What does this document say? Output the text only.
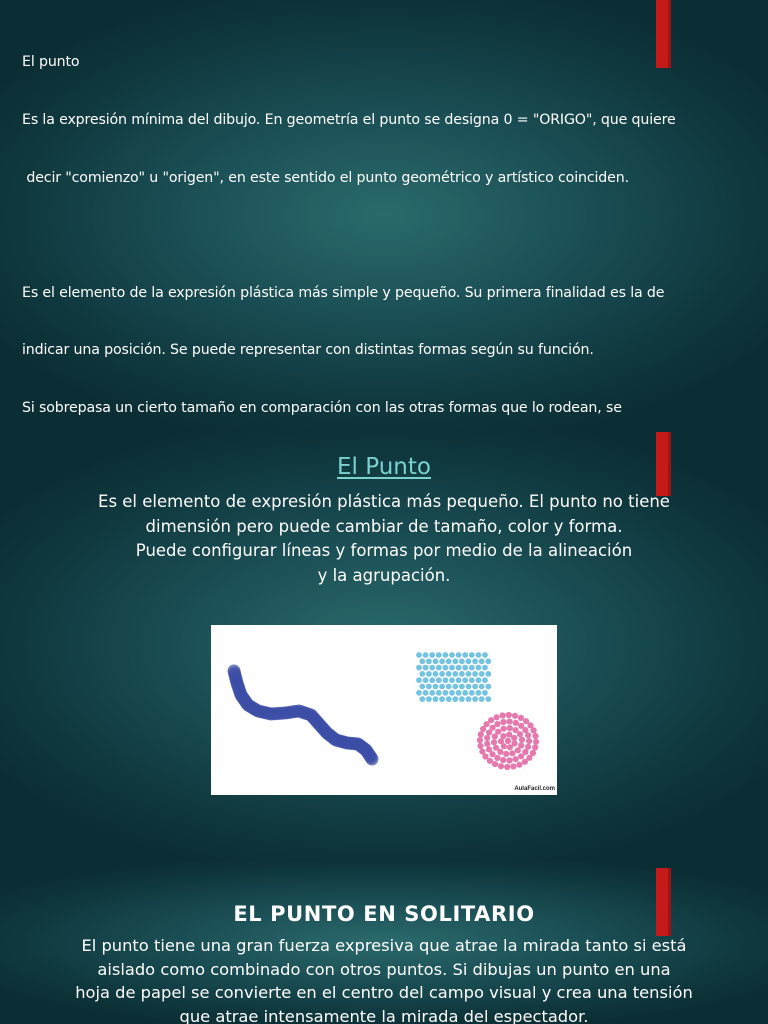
El punto

Es la expresión mínima del dibujo. En geometría el punto se designa 0 = "ORIGO", que quiere

decir "comienzo" u "origen", en este sentido el punto geométrico y artístico coinciden.

Es el elemento de la expresión plástica más simple y pequeño. Su primera finalidad es la de

indicar una posición. Se puede representar con distintas formas según su función.

Si sobrepasa un cierto tamaño en comparación con las otras formas que lo rodean, se

El Punto
Es el elemento de expresión plástica más pequeño. El punto no tiene
dimensión pero puede cambiar de tamaño, color y forma.
Puede configurar líneas y formas por medio de la alineación
y la agrupación.
AulaFacil.com
EL PUNTO EN SOLITARIO
El punto tiene una gran fuerza expresiva que atrae la mirada tanto si está
aislado como combinado con otros puntos. Si dibujas un punto en una
hoja de papel se convierte en el centro del campo visual y crea una tensión
que atrae intensamente la mirada del espectador.
